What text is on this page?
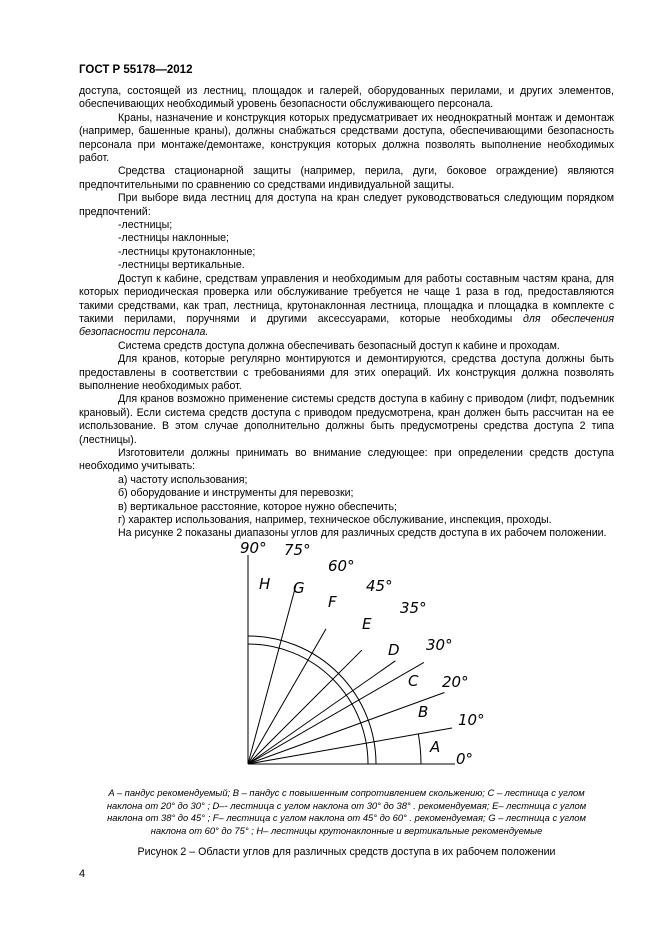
ГОСТ Р 55178—2012

доступа, состоящей из лестниц, площадок и галерей, оборудованных перилами, и других элементов, обеспечивающих необходимый уровень безопасности обслуживающего персонала.

Краны, назначение и конструкция которых предусматривает их неоднократный монтаж и демонтаж (например, башенные краны), должны снабжаться средствами доступа, обеспечивающими безопасность персонала при монтаже/демонтаже, конструкция которых должна позволять выполнение необходимых работ.

Средства стационарной защиты (например, перила, дуги, боковое ограждение) являются предпочтительными по сравнению со средствами индивидуальной защиты.

При выборе вида лестниц для доступа на кран следует руководствоваться следующим порядком предпочтений:

-лестницы;

-лестницы наклонные;

-лестницы крутонаклонные;

-лестницы вертикальные.

Доступ к кабине, средствам управления и необходимым для работы составным частям крана, для которых периодическая проверка или обслуживание требуется не чаще 1 раза в год, предоставляются такими средствами, как трап, лестница, крутонаклонная лестница, площадка и площадка в комплекте с такими перилами, поручнями и другими аксессуарами, которые необходимы для обеспечения безопасности персонала.

Система средств доступа должна обеспечивать безопасный доступ к кабине и проходам.

Для кранов, которые регулярно монтируются и демонтируются, средства доступа должны быть предоставлены в соответствии с требованиями для этих операций. Их конструкция должна позволять выполнение необходимых работ.

Для кранов возможно применение системы средств доступа в кабину с приводом (лифт, подъемник крановый). Если система средств доступа с приводом предусмотрена, кран должен быть рассчитан на ее использование. В этом случае дополнительно должны быть предусмотрены средства доступа 2 типа (лестницы).

Изготовители должны принимать во внимание следующее: при определении средств доступа необходимо учитывать:

а) частоту использования;

б) оборудование и инструменты для перевозки;

в) вертикальное расстояние, которое нужно обеспечить;

г) характер использования, например, техническое обслуживание, инспекция, проходы.

На рисунке 2 показаны диапазоны углов для различных средств доступа в их рабочем положении.

90° 75°
60°
45°
35°
30°
20°
10°
0°
A
B
C
D
E
F
G
H
A – пандус рекомендуемый; B – пандус с повышенным сопротивлением скольжению; C – лестница с углом
наклона от 20° до 30° ; D–- лестница с углом наклона от 30° до 38° . рекомендуемая; E– лестница с углом
наклона от 38° до 45° ; F– лестница с углом наклона от 45° до 60° . рекомендуемая; G – лестница с углом
наклона от 60° до 75° ; H– лестницы крутонаклонные и вертикальные рекомендуемые
Рисунок 2 – Области углов для различных средств доступа в их рабочем положении
4
